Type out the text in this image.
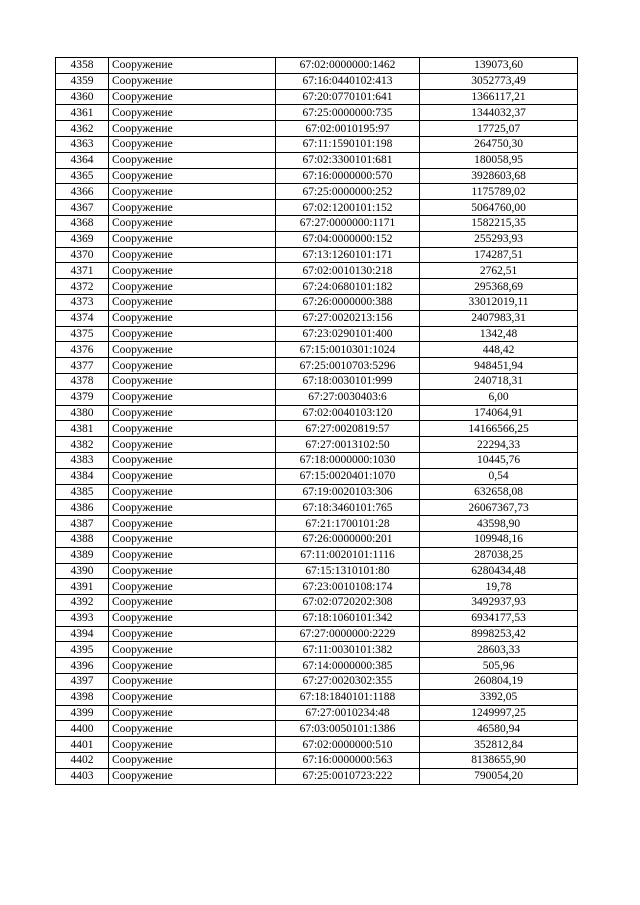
4358	Сооружение	67:02:0000000:1462	139073,60
4359	Сооружение	67:16:0440102:413	3052773,49
4360	Сооружение	67:20:0770101:641	1366117,21
4361	Сооружение	67:25:0000000:735	1344032,37
4362	Сооружение	67:02:0010195:97	17725,07
4363	Сооружение	67:11:1590101:198	264750,30
4364	Сооружение	67:02:3300101:681	180058,95
4365	Сооружение	67:16:0000000:570	3928603,68
4366	Сооружение	67:25:0000000:252	1175789,02
4367	Сооружение	67:02:1200101:152	5064760,00
4368	Сооружение	67:27:0000000:1171	1582215,35
4369	Сооружение	67:04:0000000:152	255293,93
4370	Сооружение	67:13:1260101:171	174287,51
4371	Сооружение	67:02:0010130:218	2762,51
4372	Сооружение	67:24:0680101:182	295368,69
4373	Сооружение	67:26:0000000:388	33012019,11
4374	Сооружение	67:27:0020213:156	2407983,31
4375	Сооружение	67:23:0290101:400	1342,48
4376	Сооружение	67:15:0010301:1024	448,42
4377	Сооружение	67:25:0010703:5296	948451,94
4378	Сооружение	67:18:0030101:999	240718,31
4379	Сооружение	67:27:0030403:6	6,00
4380	Сооружение	67:02:0040103:120	174064,91
4381	Сооружение	67:27:0020819:57	14166566,25
4382	Сооружение	67:27:0013102:50	22294,33
4383	Сооружение	67:18:0000000:1030	10445,76
4384	Сооружение	67:15:0020401:1070	0,54
4385	Сооружение	67:19:0020103:306	632658,08
4386	Сооружение	67:18:3460101:765	26067367,73
4387	Сооружение	67:21:1700101:28	43598,90
4388	Сооружение	67:26:0000000:201	109948,16
4389	Сооружение	67:11:0020101:1116	287038,25
4390	Сооружение	67:15:1310101:80	6280434,48
4391	Сооружение	67:23:0010108:174	19,78
4392	Сооружение	67:02:0720202:308	3492937,93
4393	Сооружение	67:18:1060101:342	6934177,53
4394	Сооружение	67:27:0000000:2229	8998253,42
4395	Сооружение	67:11:0030101:382	28603,33
4396	Сооружение	67:14:0000000:385	505,96
4397	Сооружение	67:27:0020302:355	260804,19
4398	Сооружение	67:18:1840101:1188	3392,05
4399	Сооружение	67:27:0010234:48	1249997,25
4400	Сооружение	67:03:0050101:1386	46580,94
4401	Сооружение	67:02:0000000:510	352812,84
4402	Сооружение	67:16:0000000:563	8138655,90
4403	Сооружение	67:25:0010723:222	790054,20
